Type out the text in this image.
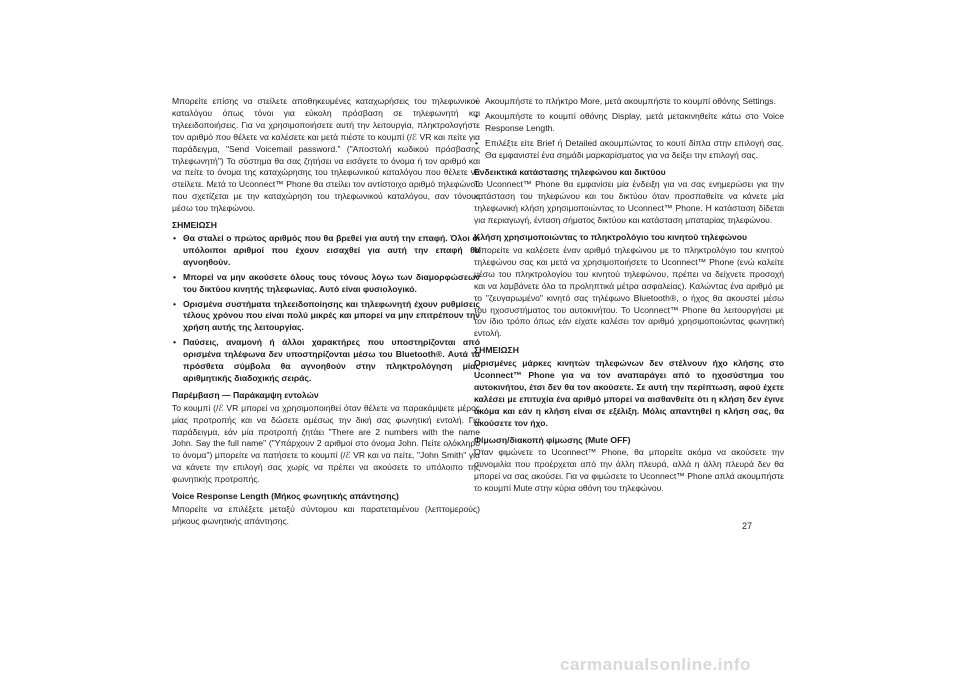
Μπορείτε επίσης να στείλετε αποθηκευμένες καταχωρήσεις του τηλεφωνικού καταλόγου όπως τόνοι για εύκολη πρόσβαση σε τηλεφωνητή και τηλεειδοποιήσεις. Για να χρησιμοποιήσετε αυτή την λειτουργία, πληκτρολογήστε τον αριθμό που θέλετε να καλέσετε και μετά πιέστε το κουμπί (/ℰ VR και πείτε για παράδειγμα, "Send Voicemail password." ("Αποστολή κωδικού πρόσβασης τηλεφωνητή") Το σύστημα θα σας ζητήσει να εισάγετε το όνομα ή τον αριθμό και να πείτε το όνομα της καταχώρησης του τηλεφωνικού καταλόγου που θέλετε να στείλετε. Μετά το Uconnect™ Phone θα στείλει τον αντίστοιχο αριθμό τηλεφώνου που σχετίζεται με την καταχώρηση του τηλεφωνικού καταλόγου, σαν τόνους μέσω του τηλεφώνου.

ΣΗΜΕΙΩΣΗ
• Θα σταλεί ο πρώτος αριθμός που θα βρεθεί για αυτή την επαφή. Όλοι οι υπόλοιποι αριθμοί που έχουν εισαχθεί για αυτή την επαφή θα αγνοηθούν.
• Μπορεί να μην ακούσετε όλους τους τόνους λόγω των διαμορφώσεων του δικτύου κινητής τηλεφωνίας. Αυτό είναι φυσιολογικό.
• Ορισμένα συστήματα τηλεειδοποίησης και τηλεφωνητή έχουν ρυθμίσεις τέλους χρόνου που είναι πολύ μικρές και μπορεί να μην επιτρέπουν την χρήση αυτής της λειτουργίας.
• Παύσεις, αναμονή ή άλλοι χαρακτήρες που υποστηρίζονται από ορισμένα τηλέφωνα δεν υποστηρίζονται μέσω του Bluetooth®. Αυτά τα πρόσθετα σύμβολα θα αγνοηθούν στην πληκτρολόγηση μίας αριθμητικής διαδοχικής σειράς.
Παρέμβαση — Παράκαμψη εντολών

Το κουμπί (/ℰ VR μπορεί να χρησιμοποιηθεί όταν θέλετε να παρακάμψετε μέρος μίας προτροπής και να δώσετε αμέσως την δική σας φωνητική εντολή. Για παράδειγμα, εάν μία προτροπή ζητάει "There are 2 numbers with the name John. Say the full name" ("Υπάρχουν 2 αριθμοί στο όνομα John. Πείτε ολόκληρο το όνομα") μπορείτε να πατήσετε το κουμπί (/ℰ VR και να πείτε, "John Smith" για να κάνετε την επιλογή σας χωρίς να πρέπει να ακούσετε το υπόλοιπο της φωνητικής προτροπής.

Voice Response Length (Μήκος φωνητικής απάντησης)

Μπορείτε να επιλέξετε μεταξύ σύντομου και παρατεταμένου (λεπτομερούς) μήκους φωνητικής απάντησης.

• Ακουμπήστε το πλήκτρο More, μετά ακουμπήστε το κουμπί οθόνης Settings.
• Ακουμπήστε το κουμπί οθόνης Display, μετά μετακινηθείτε κάτω στο Voice Response Length.
• Επιλέξτε είτε Brief ή Detailed ακουμπώντας το κουτί δίπλα στην επιλογή σας. Θα εμφανιστεί ένα σημάδι μαρκαρίσματος για να δείξει την επιλογή σας.
Ενδεικτικά κατάστασης τηλεφώνου και δικτύου

Το Uconnect™ Phone θα εμφανίσει μία ένδειξη για να σας ενημερώσει για την κατάσταση του τηλεφώνου και του δικτύου όταν προσπαθείτε να κάνετε μία τηλεφωνική κλήση χρησιμοποιώντας το Uconnect™ Phone. Η κατάσταση δίδεται για περιαγωγή, ένταση σήματος δικτύου και κατάσταση μπαταρίας τηλεφώνου.

Κλήση χρησιμοποιώντας το πληκτρολόγιο του κινητού τηλεφώνου

Μπορείτε να καλέσετε έναν αριθμό τηλεφώνου με το πληκτρολόγιο του κινητού τηλεφώνου σας και μετά να χρησιμοποιήσετε το Uconnect™ Phone (ενώ καλείτε μέσω του πληκτρολογίου του κινητού τηλεφώνου, πρέπει να δείχνετε προσοχή και να λαμβάνετε όλα τα προληπτικά μέτρα ασφαλείας). Καλώντας ένα αριθμό με το "ζευγαρωμένο" κινητό σας τηλέφωνο Bluetooth®, ο ήχος θα ακουστεί μέσω του ηχοσυστήματος του αυτοκινήτου. Το Uconnect™ Phone θα λειτουργήσει με τον ίδιο τρόπο όπως εάν είχατε καλέσει τον αριθμό χρησιμοποιώντας φωνητική εντολή.

ΣΗΜΕΙΩΣΗ

Ορισμένες μάρκες κινητών τηλεφώνων δεν στέλνουν ήχο κλήσης στο Uconnect™ Phone για να τον αναπαράγει από το ηχοσύστημα του αυτοκινήτου, έτσι δεν θα τον ακούσετε. Σε αυτή την περίπτωση, αφού έχετε καλέσει με επιτυχία ένα αριθμό μπορεί να αισθανθείτε ότι η κλήση δεν έγινε ακόμα και εάν η κλήση είναι σε εξέλιξη. Μόλις απαντηθεί η κλήση σας, θα ακούσετε τον ήχο.

Φίμωση/διακοπή φίμωσης (Mute OFF)

Όταν φιμώνετε το Uconnect™ Phone, θα μπορείτε ακόμα να ακούσετε την συνομιλία που προέρχεται από την άλλη πλευρά, αλλά η άλλη πλευρά δεν θα μπορεί να σας ακούσει. Για να φιμώσετε το Uconnect™ Phone απλά ακουμπήστε το κουμπί Mute στην κύρια οθόνη του τηλεφώνου.

27
carmanualsonline.info
